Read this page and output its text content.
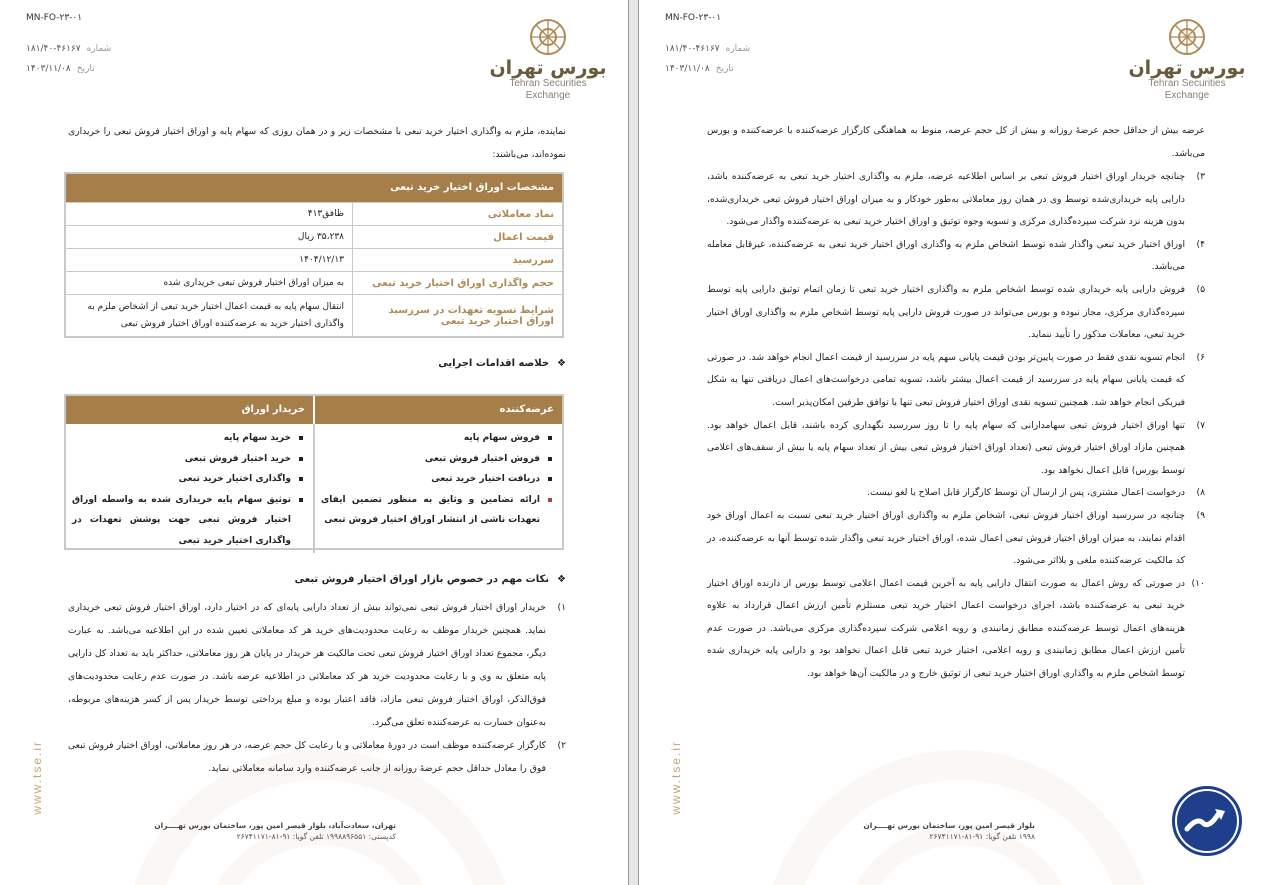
MN-FO-۲۳-۰۱
۱۸۱/۴۰-۴۶۱۶۷ شماره
۱۴۰۳/۱۱/۰۸ تاریخ	بورس تهران
Tehran Securities
Exchange
نماینده، ملزم به واگذاری اختیار خرید تبعی با مشخصات زیر و در همان روزی که سهام پایه و اوراق اختیار فروش تبعی را خریداری نموده‌اند، می‌باشند:
مشخصات اوراق اختیار خرید تبعی
نماد معاملاتی
ظافق۴۱۳
قیمت اعمال
۳۵،۲۳۸ ریال
سررسید
۱۴۰۴/۱۲/۱۳
حجم واگذاری اوراق اختیار خرید تبعی
به میزان اوراق اختیار فروش تبعی خریداری شده
شرایط تسویه تعهدات در سررسید اوراق اختیار خرید تبعی
انتقال سهام پایه به قیمت اعمال اختیار خرید تبعی از اشخاص ملزم به واگذاری اختیار خرید به عرضه‌کننده اوراق اختیار فروش تبعی
❖خلاصه اقدامات اجرایی
عرضه‌کننده
خریدار اوراق
فروش سهام پایه
فروش اختیار فروش تبعی
دریافت اختیار خرید تبعی
ارائه تضامین و وثایق به منظور تضمین ایفای تعهدات ناشی از انتشار اوراق اختیار فروش تبعی
خرید سهام پایه
خرید اختیار فروش تبعی
واگذاری اختیار خرید تبعی
توثیق سهام پایه خریداری شده به واسطه اوراق اختیار فروش تبعی جهت پوشش تعهدات در واگذاری اختیار خرید تبعی
❖نکات مهم در خصوص بازار اوراق اختیار فروش تبعی
۱)
خریدار اوراق اختیار فروش تبعی نمی‌تواند بیش از تعداد دارایی پایه‌ای که در اختیار دارد، اوراق اختیار فروش تبعی خریداری نماید. همچنین خریدار موظف به رعایت محدودیت‌های خرید هر کد معاملاتی تعیین شده در این اطلاعیه می‌باشد. به عبارت دیگر، مجموع تعداد اوراق اختیار فروش تبعی تحت مالکیت هر خریدار در پایان هر روز معاملاتی، حداکثر باید به تعداد کل دارایی پایه متعلق به وی و با رعایت محدودیت خرید هر کد معاملاتی در اطلاعیه عرضه باشد. در صورت عدم رعایت محدودیت‌های فوق‌الذکر، اوراق اختیار فروش تبعی مازاد، فاقد اعتبار بوده و مبلغ پرداختی توسط خریدار پس از کسر هزینه‌های مربوطه، به‌عنوان خسارت به عرضه‌کننده تعلق می‌گیرد.
۲)
کارگزار عرضه‌کننده موظف است در دورهٔ معاملاتی و با رعایت کل حجم عرضه، در هر روز معاملاتی، اوراق اختیار فروش تبعی فوق را معادل حداقل حجم عرضهٔ روزانه از جانب عرضه‌کننده وارد سامانه معاملاتی نماید.
www.tse.ir
تهران، سعادت‌آباد، بلوار قیصر امین پور، ساختمان بورس تهــــران
کدپستی: ۱۹۹۸۸۹۶۵۵۱ تلفن گویا: ۹۱-۸۱-۲۶۷۴۱۱۷۱
MN-FO-۲۳-۰۱
۱۸۱/۴۰-۴۶۱۶۷ شماره
۱۴۰۳/۱۱/۰۸ تاریخ	بورس تهران
Tehran Securities
Exchange
عرضه بیش از حداقل حجم عرضهٔ روزانه و بیش از کل حجم عرضه، منوط به هماهنگی کارگزار عرضه‌کننده با عرضه‌کننده و بورس می‌باشد.
۳)
چنانچه خریدار اوراق اختیار فروش تبعی بر اساس اطلاعیه عرضه، ملزم به واگذاری اختیار خرید تبعی به عرضه‌کننده باشد، دارایی پایه خریداری‌شده توسط وی در همان روز معاملاتی به‌طور خودکار و به میزان اوراق اختیار فروش تبعی خریداری‌شده، بدون هزینه نزد شرکت سپرده‌گذاری مرکزی و تسویه وجوه توثیق و اوراق اختیار خرید تبعی به عرضه‌کننده واگذار می‌شود.
۴)
اوراق اختیار خرید تبعی واگذار شده توسط اشخاص ملزم به واگذاری اوراق اختیار خرید تبعی به عرضه‌کننده، غیرقابل معامله می‌باشد.
۵)
فروش دارایی پایه خریداری شده توسط اشخاص ملزم به واگذاری اختیار خرید تبعی تا زمان اتمام توثیق دارایی پایه توسط سپرده‌گذاری مرکزی، مجاز نبوده و بورس می‌تواند در صورت فروش دارایی پایه توسط اشخاص ملزم به واگذاری اوراق اختیار خرید تبعی، معاملات مذکور را تأیید ننماید.
۶)
انجام تسویه نقدی فقط در صورت پایین‌تر بودن قیمت پایانی سهم پایه در سررسید از قیمت اعمال انجام خواهد شد. در صورتی که قیمت پایانی سهام پایه در سررسید از قیمت اعمال بیشتر باشد، تسویه تمامی درخواست‌های اعمال دریافتی تنها به شکل فیزیکی انجام خواهد شد. همچنین تسویه نقدی اوراق اختیار فروش تبعی تنها با توافق طرفین امکان‌پذیر است.
۷)
تنها اوراق اختیار فروش تبعی سهامدارانی که سهام پایه را تا روز سررسید نگهداری کرده باشند، قابل اعمال خواهد بود. همچنین مازاد اوراق اختیار فروش تبعی (تعداد اوراق اختیار فروش تبعی بیش از تعداد سهام پایه یا بیش از سقف‌های اعلامی توسط بورس) قابل اعمال نخواهد بود.
۸)
درخواست اعمال مشتری، پس از ارسال آن توسط کارگزار قابل اصلاح یا لغو نیست.
۹)
چنانچه در سررسید اوراق اختیار فروش تبعی، اشخاص ملزم به واگذاری اوراق اختیار خرید تبعی نسبت به اعمال اوراق خود اقدام نمایند، به میزان اوراق اختیار فروش تبعی اعمال شده، اوراق اختیار خرید تبعی واگذار شده توسط آنها به عرضه‌کننده، در کد مالکیت عرضه‌کننده ملغی و بلااثر می‌شود.
۱۰)
در صورتی که روش اعمال به صورت انتقال دارایی پایه به آخرین قیمت اعمال اعلامی توسط بورس از دارنده اوراق اختیار خرید تبعی به عرضه‌کننده باشد، اجرای درخواست اعمال اختیار خرید تبعی مستلزم تأمین ارزش اعمال قرارداد به علاوه هزینه‌های اعمال توسط عرضه‌کننده مطابق زمانبندی و رویه اعلامی شرکت سپرده‌گذاری مرکزی می‌باشد. در صورت عدم تأمین ارزش اعمال مطابق زمانبندی و رویه اعلامی، اختیار خرید تبعی قابل اعمال نخواهد بود و دارایی پایه خریداری شده توسط اشخاص ملزم به واگذاری اوراق اختیار خرید تبعی از توثیق خارج و در مالکیت آن‌ها خواهد بود.
www.tse.ir
بلوار قیصر امین پور، ساختمان بورس تهــــران
۱۹۹۸ تلفن گویا: ۹۱-۸۱-۲۶۷۴۱۱۷۱
